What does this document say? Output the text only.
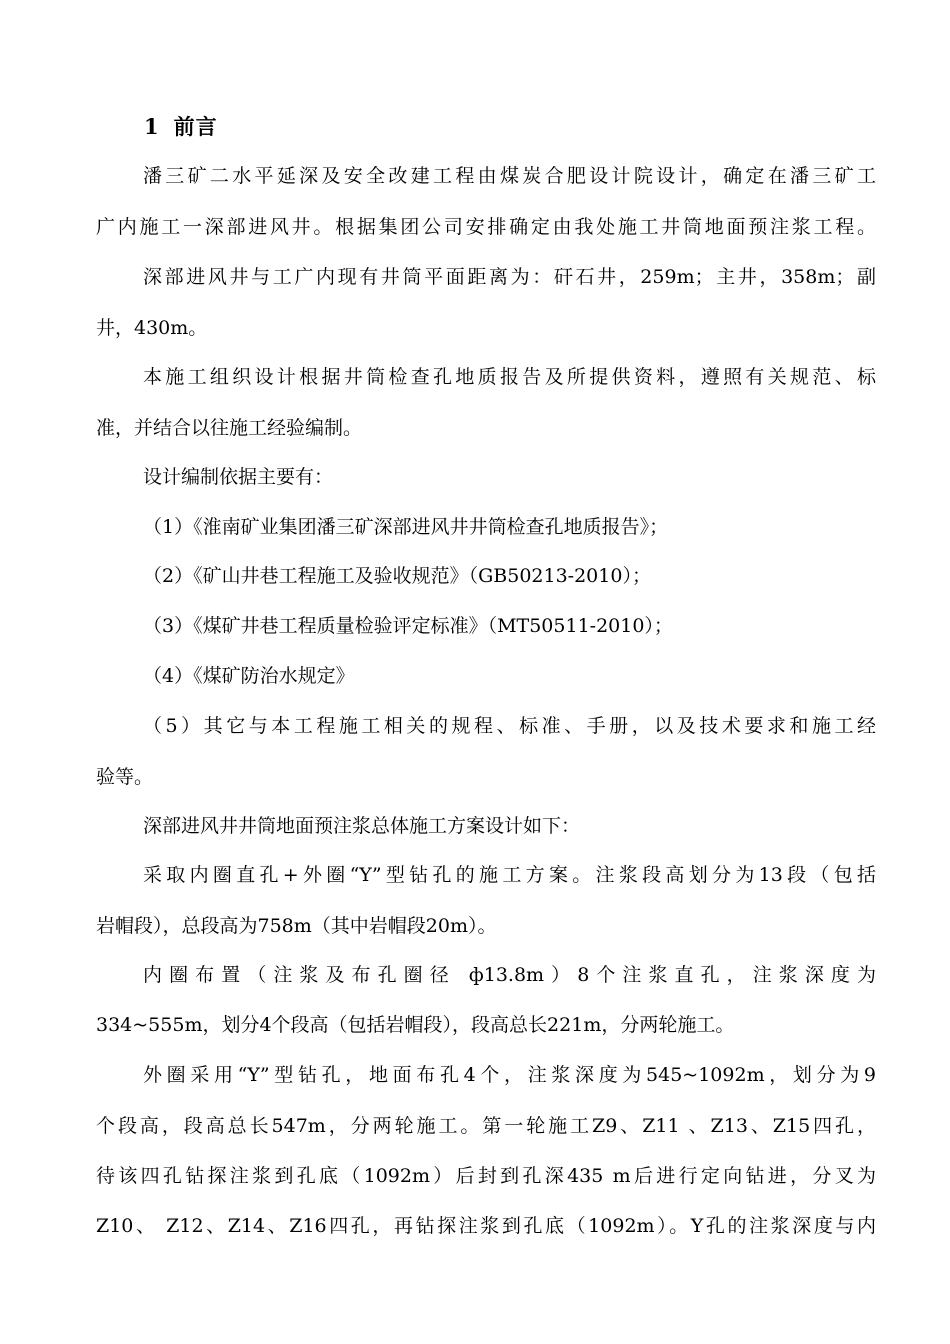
1 前言
潘三矿二水平延深及安全改建工程由煤炭合肥设计院设计，确定在潘三矿工
广内施工一深部进风井。根据集团公司安排确定由我处施工井筒地面预注浆工程。
深部进风井与工广内现有井筒平面距离为：矸石井，259m；主井，358m；副
井，430m。
本施工组织设计根据井筒检查孔地质报告及所提供资料，遵照有关规范、标
准，并结合以往施工经验编制。
设计编制依据主要有：
（1）《淮南矿业集团潘三矿深部进风井井筒检查孔地质报告》；
（2）《矿山井巷工程施工及验收规范》（GB50213-2010）；
（3）《煤矿井巷工程质量检验评定标准》（MT50511-2010）；
（4）《煤矿防治水规定》
（5）其它与本工程施工相关的规程、标准、手册，以及技术要求和施工经
验等。
深部进风井井筒地面预注浆总体施工方案设计如下：
采取内圈直孔+外圈“Y”型钻孔的施工方案。注浆段高划分为13段（包括
岩帽段），总段高为758m（其中岩帽段20m）。
内圈布置（注浆及布孔圈径 ф13.8m）8个注浆直孔，注浆深度为
334~555m，划分4个段高（包括岩帽段），段高总长221m，分两轮施工。
外圈采用“Y”型钻孔，地面布孔4个，注浆深度为545~1092m，划分为9
个段高，段高总长547m，分两轮施工。第一轮施工Z9、Z11 、Z13、Z15四孔，
待该四孔钻探注浆到孔底（1092m）后封到孔深435 m后进行定向钻进，分叉为
Z10、 Z12、Z14、Z16四孔，再钻探注浆到孔底（1092m）。Y孔的注浆深度与内
